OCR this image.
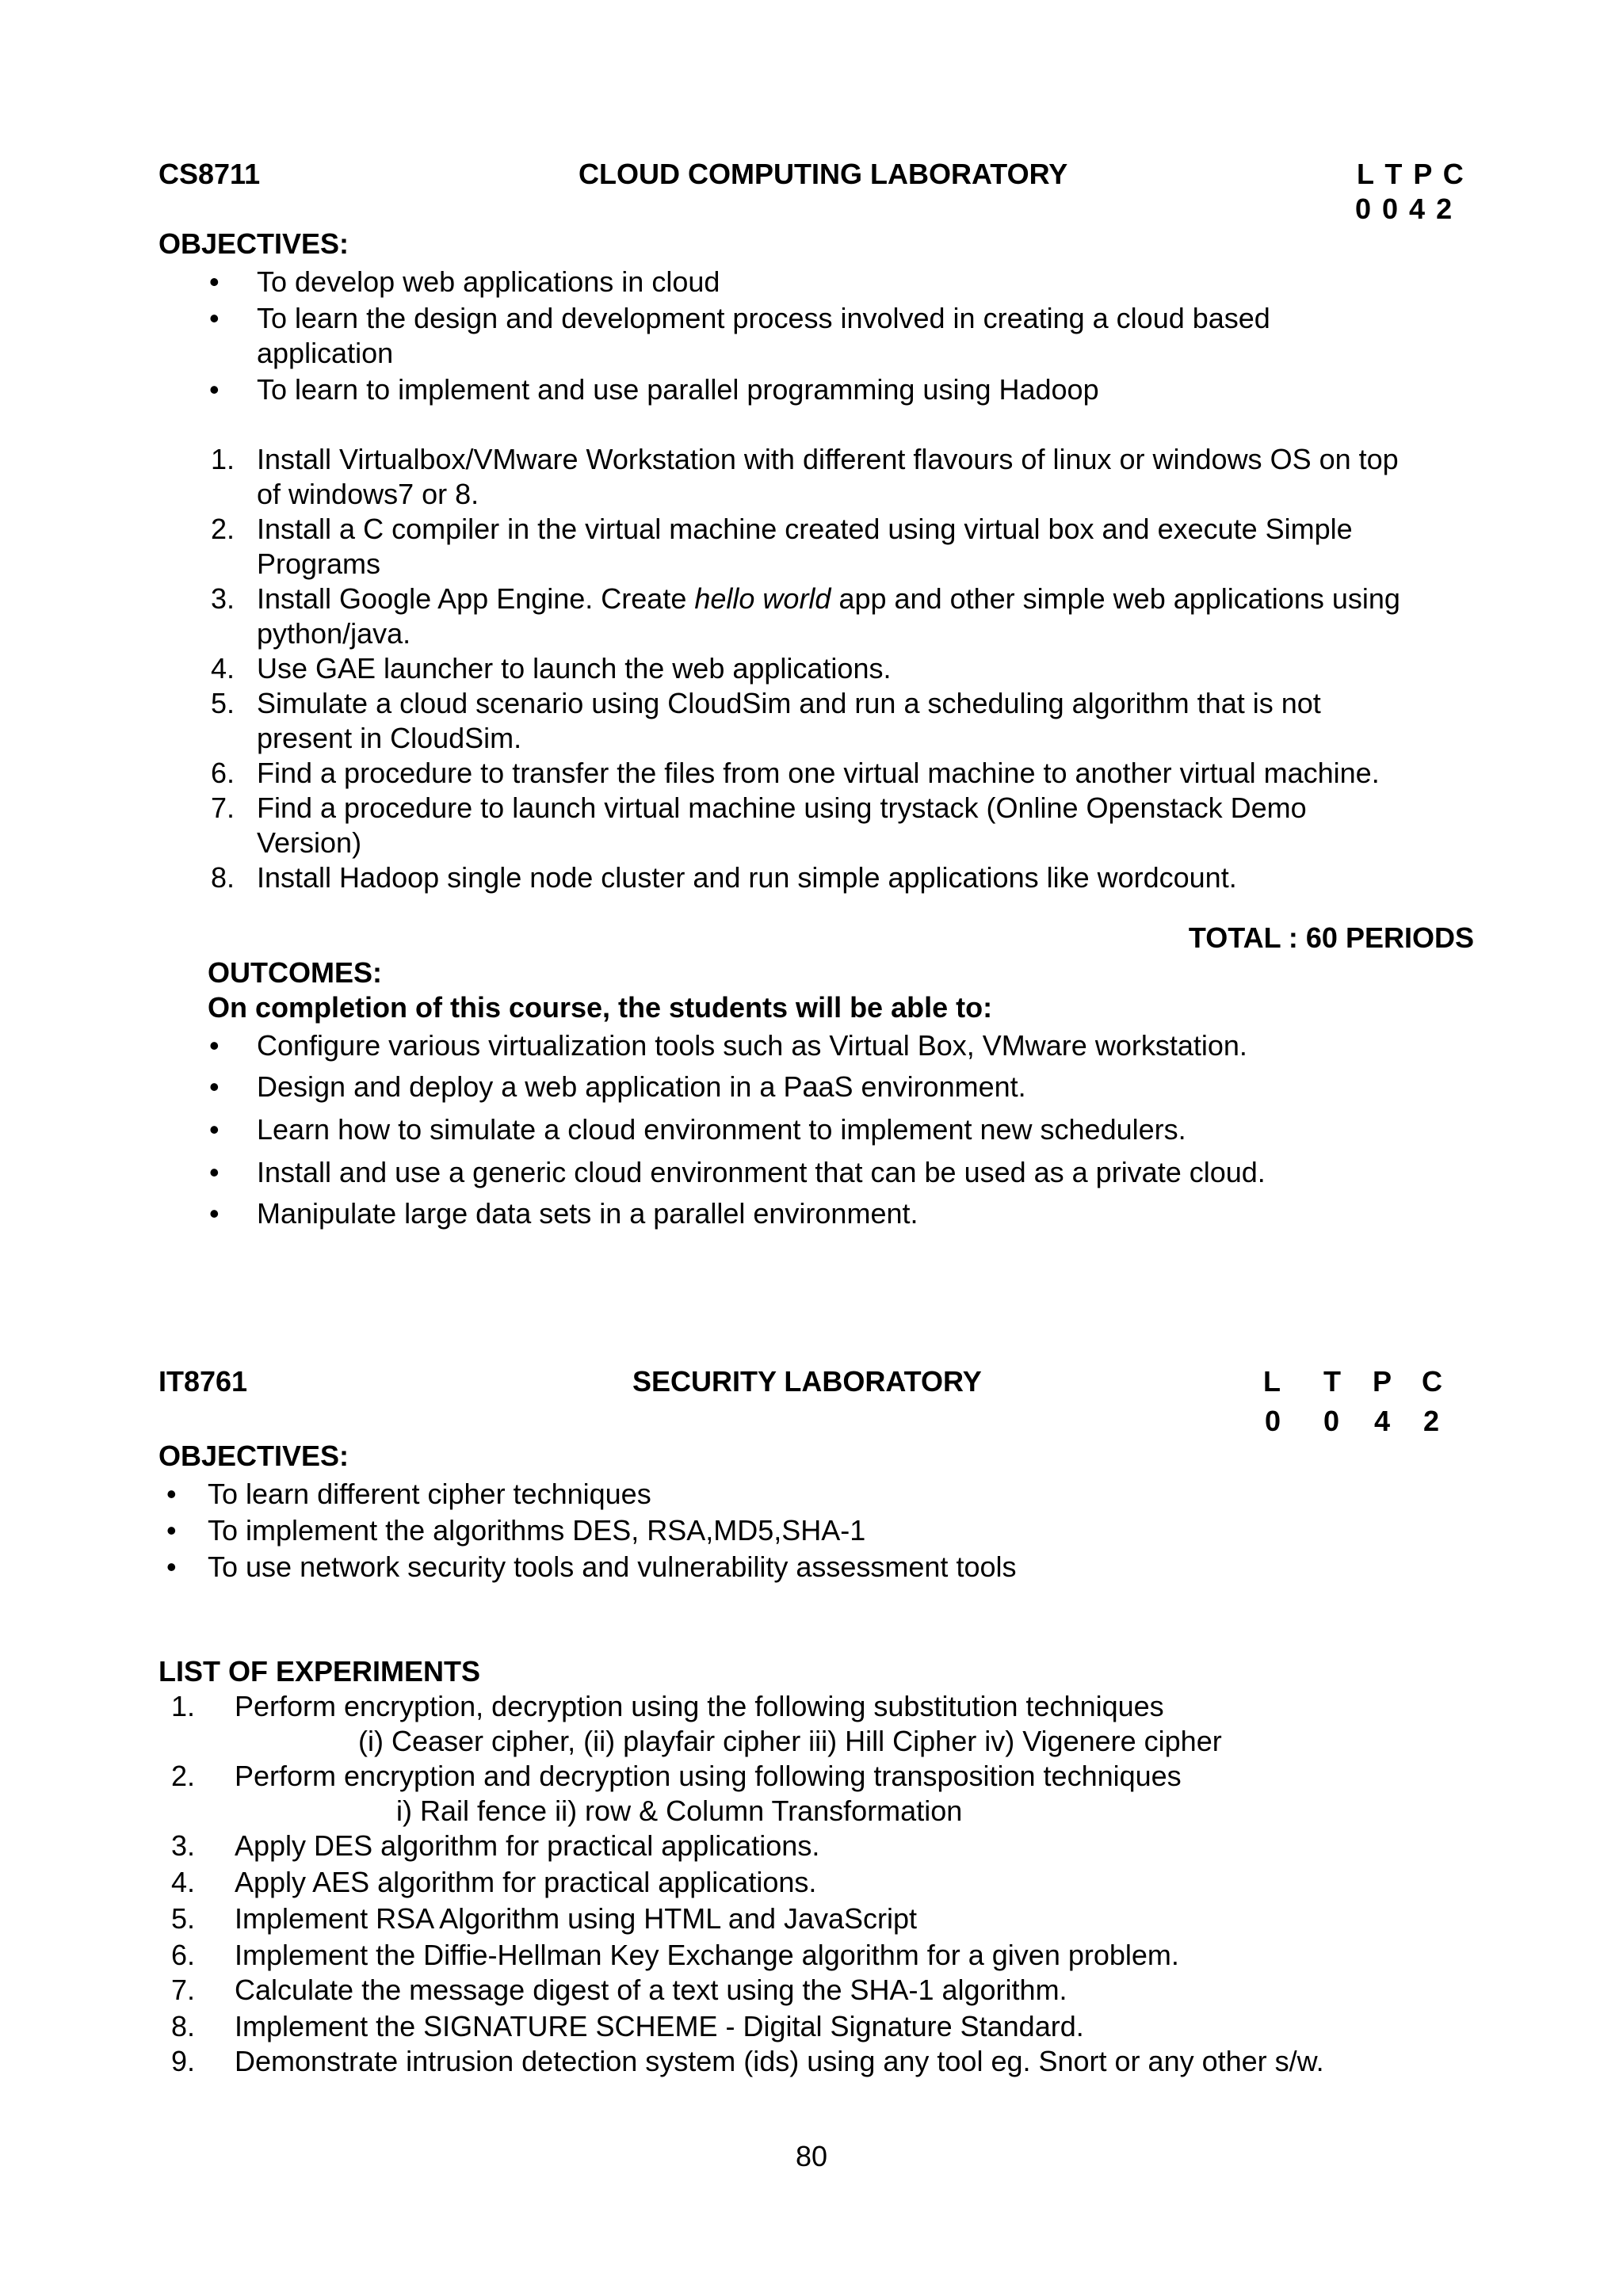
CS8711	CLOUD COMPUTING LABORATORY	L T P C
0 0 4 2
OBJECTIVES:
To develop web applications in cloud
To learn the design and development process involved in creating a cloud based
application
To learn to implement and use parallel programming using Hadoop
•
•
•
1. Install Virtualbox/VMware Workstation with different flavours of linux or windows OS on top
of windows7 or 8.
2. Install a C compiler in the virtual machine created using virtual box and execute Simple
Programs
3. Install Google App Engine. Create hello world app and other simple web applications using
python/java.
4. Use GAE launcher to launch the web applications.
5. Simulate a cloud scenario using CloudSim and run a scheduling algorithm that is not
present in CloudSim.
6. Find a procedure to transfer the files from one virtual machine to another virtual machine.
7. Find a procedure to launch virtual machine using trystack (Online Openstack Demo
Version)
8. Install Hadoop single node cluster and run simple applications like wordcount.
TOTAL : 60 PERIODS
OUTCOMES:
On completion of this course, the students will be able to:
• Configure various virtualization tools such as Virtual Box, VMware workstation.
• Design and deploy a web application in a PaaS environment.
• Learn how to simulate a cloud environment to implement new schedulers.
• Install and use a generic cloud environment that can be used as a private cloud.
• Manipulate large data sets in a parallel environment.
IT8761	SECURITY LABORATORY	L T P C
0 0 4 2
OBJECTIVES:
• To learn different cipher techniques
• To implement the algorithms DES, RSA,MD5,SHA-1
• To use network security tools and vulnerability assessment tools
LIST OF EXPERIMENTS
1. Perform encryption, decryption using the following substitution techniques
(i) Ceaser cipher, (ii) playfair cipher iii) Hill Cipher iv) Vigenere cipher
2. Perform encryption and decryption using following transposition techniques
i) Rail fence ii) row & Column Transformation
3. Apply DES algorithm for practical applications.
4. Apply AES algorithm for practical applications.
5. Implement RSA Algorithm using HTML and JavaScript
6. Implement the Diffie-Hellman Key Exchange algorithm for a given problem.
7. Calculate the message digest of a text using the SHA-1 algorithm.
8. Implement the SIGNATURE SCHEME - Digital Signature Standard.
9. Demonstrate intrusion detection system (ids) using any tool eg. Snort or any other s/w.
80
